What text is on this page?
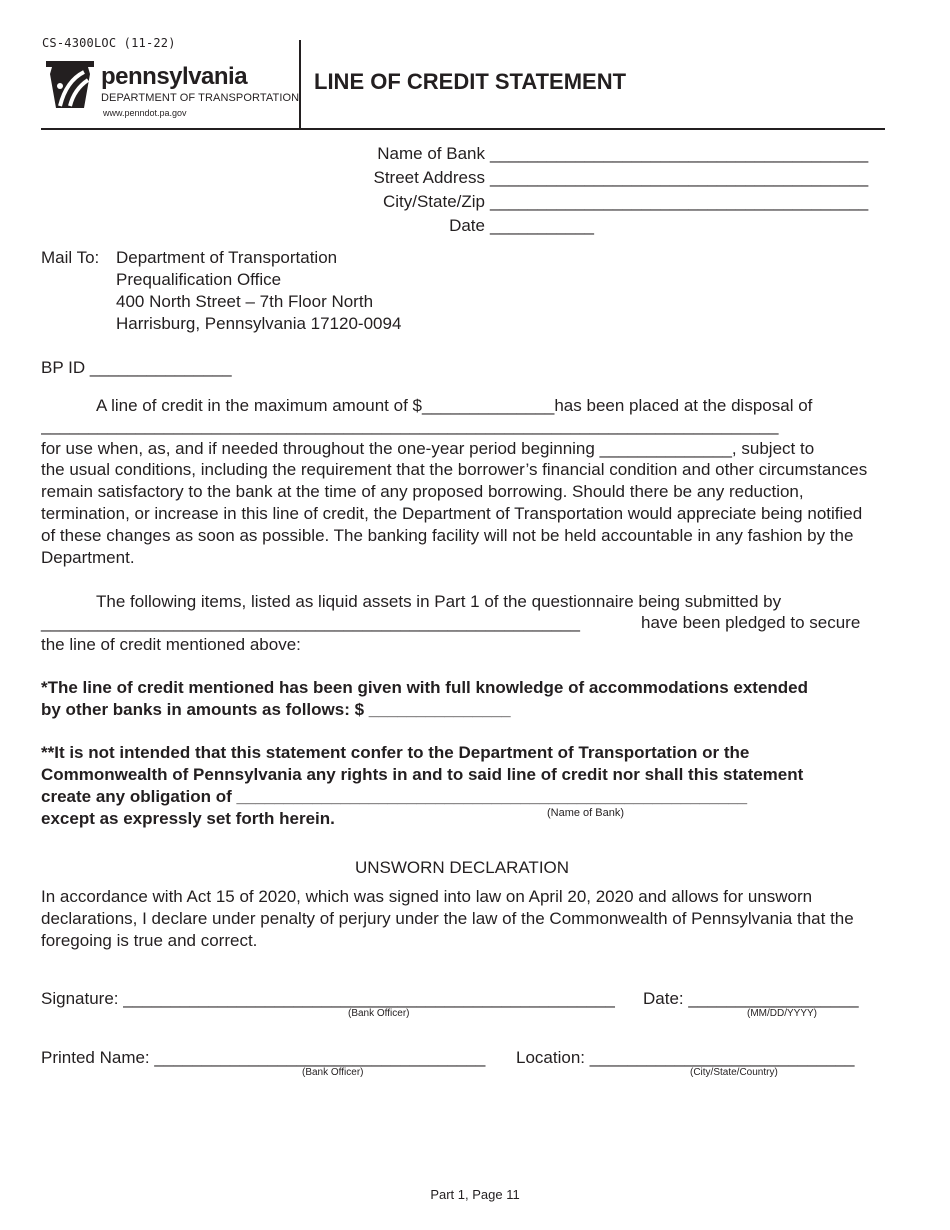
CS-4300LOC (11-22)
pennsylvania
DEPARTMENT OF TRANSPORTATION
www.penndot.pa.gov
LINE OF CREDIT STATEMENT
Name of Bank ________________________________________
Street Address ________________________________________
City/State/Zip ________________________________________
Date ___________
Mail To: Department of Transportation
Prequalification Office
400 North Street – 7th Floor North
Harrisburg, Pennsylvania 17120-0094
BP ID _______________
A line of credit in the maximum amount of $______________has been placed at the disposal of
______________________________________________________________________________
for use when, as, and if needed throughout the one-year period beginning ______________, subject to
the usual conditions, including the requirement that the borrower’s financial condition and other circumstances remain satisfactory to the bank at the time of any proposed borrowing. Should there be any reduction, termination, or increase in this line of credit, the Department of Transportation would appreciate being notified of these changes as soon as possible. The banking facility will not be held accountable in any fashion by the Department.
The following items, listed as liquid assets in Part 1 of the questionnaire being submitted by
_________________________________________________________	have been pledged to secure
the line of credit mentioned above:
*The line of credit mentioned has been given with full knowledge of accommodations extended
by other banks in amounts as follows: $ _______________
**It is not intended that this statement confer to the Department of Transportation or the
Commonwealth of Pennsylvania any rights in and to said line of credit nor shall this statement
create any obligation of ______________________________________________________
except as expressly set forth herein.	(Name of Bank)
UNSWORN DECLARATION
In accordance with Act 15 of 2020, which was signed into law on April 20, 2020 and allows for unsworn declarations, I declare under penalty of perjury under the law of the Commonwealth of Pennsylvania that the foregoing is true and correct.
Signature: ____________________________________________________
(Bank Officer)
Date: __________________
(MM/DD/YYYY)
Printed Name: ___________________________________
(Bank Officer)
Location: ____________________________
(City/State/Country)
Part 1, Page 11
